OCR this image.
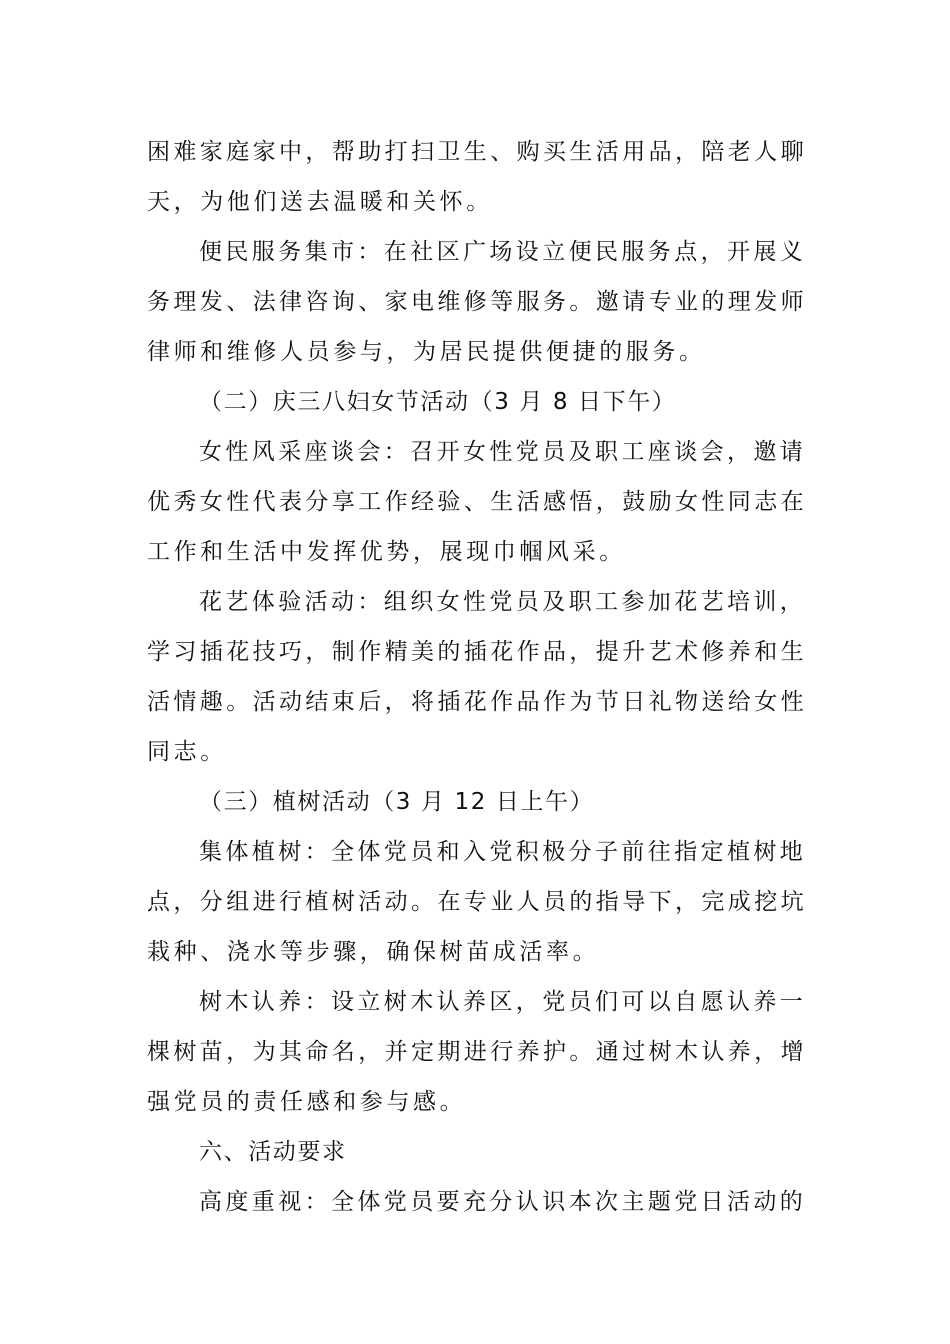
困难家庭家中，帮助打扫卫生、购买生活用品，陪老人聊
天，为他们送去温暖和关怀。

便民服务集市：在社区广场设立便民服务点，开展义
务理发、法律咨询、家电维修等服务。邀请专业的理发师
律师和维修人员参与，为居民提供便捷的服务。

（二）庆三八妇女节活动（3 月 8 日下午）

女性风采座谈会：召开女性党员及职工座谈会，邀请
优秀女性代表分享工作经验、生活感悟，鼓励女性同志在
工作和生活中发挥优势，展现巾帼风采。

花艺体验活动：组织女性党员及职工参加花艺培训，
学习插花技巧，制作精美的插花作品，提升艺术修养和生
活情趣。活动结束后，将插花作品作为节日礼物送给女性
同志。

（三）植树活动（3 月 12 日上午）

集体植树：全体党员和入党积极分子前往指定植树地
点，分组进行植树活动。在专业人员的指导下，完成挖坑
栽种、浇水等步骤，确保树苗成活率。

树木认养：设立树木认养区，党员们可以自愿认养一
棵树苗，为其命名，并定期进行养护。通过树木认养，增
强党员的责任感和参与感。

六、活动要求

高度重视：全体党员要充分认识本次主题党日活动的
